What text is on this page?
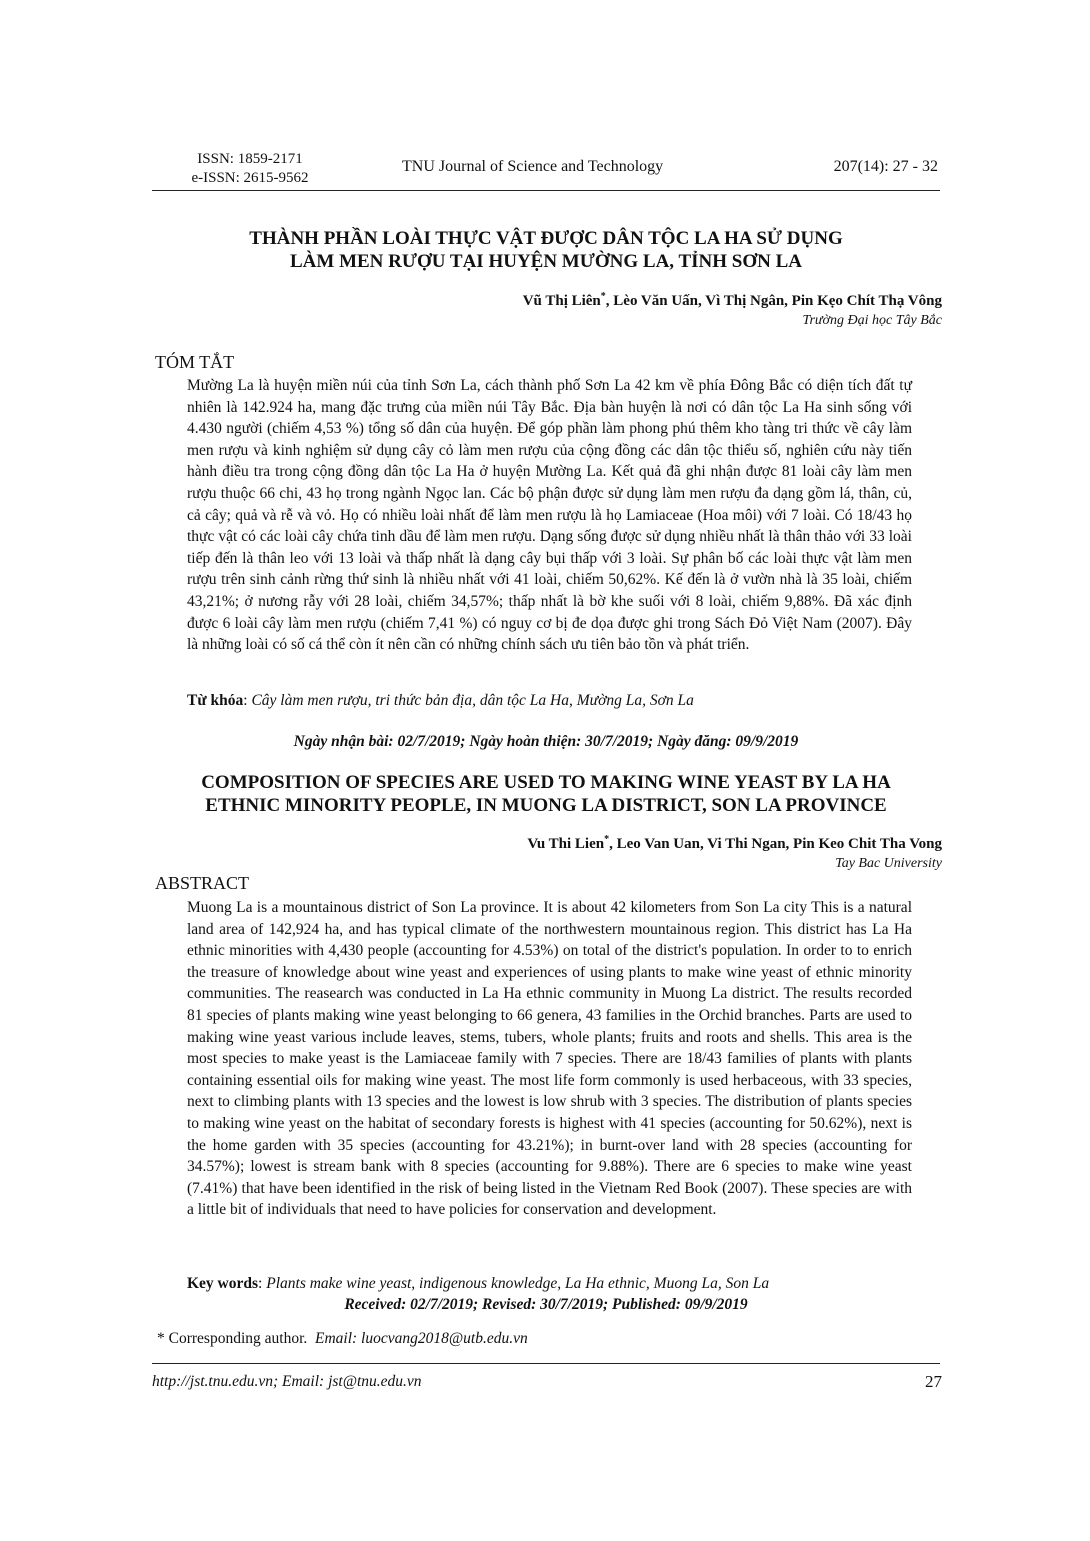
ISSN: 1859-2171
e-ISSN: 2615-9562
TNU Journal of Science and Technology	207(14): 27 - 32
THÀNH PHẦN LOÀI THỰC VẬT ĐƯỢC DÂN TỘC LA HA SỬ DỤNG
LÀM MEN RƯỢU TẠI HUYỆN MƯỜNG LA, TỈNH SƠN LA
Vũ Thị Liên*, Lèo Văn Uấn, Vì Thị Ngân, Pin Kẹo Chít Thạ Vông
Trường Đại học Tây Bắc
TÓM TẮT

Mường La là huyện miền núi của tỉnh Sơn La, cách thành phố Sơn La 42 km về phía Đông Bắc có diện tích đất tự nhiên là 142.924 ha, mang đặc trưng của miền núi Tây Bắc. Địa bàn huyện là nơi có dân tộc La Ha sinh sống với 4.430 người (chiếm 4,53 %) tổng số dân của huyện. Để góp phần làm phong phú thêm kho tàng tri thức về cây làm men rượu và kinh nghiệm sử dụng cây cỏ làm men rượu của cộng đồng các dân tộc thiểu số, nghiên cứu này tiến hành điều tra trong cộng đồng dân tộc La Ha ở huyện Mường La. Kết quả đã ghi nhận được 81 loài cây làm men rượu thuộc 66 chi, 43 họ trong ngành Ngọc lan. Các bộ phận được sử dụng làm men rượu đa dạng gồm lá, thân, củ, cả cây; quả và rễ và vỏ. Họ có nhiều loài nhất để làm men rượu là họ Lamiaceae (Hoa môi) với 7 loài. Có 18/43 họ thực vật có các loài cây chứa tinh dầu để làm men rượu. Dạng sống được sử dụng nhiều nhất là thân thảo với 33 loài tiếp đến là thân leo với 13 loài và thấp nhất là dạng cây bụi thấp với 3 loài. Sự phân bố các loài thực vật làm men rượu trên sinh cảnh rừng thứ sinh là nhiều nhất với 41 loài, chiếm 50,62%. Kế đến là ở vườn nhà là 35 loài, chiếm 43,21%; ở nương rẫy với 28 loài, chiếm 34,57%; thấp nhất là bờ khe suối với 8 loài, chiếm 9,88%. Đã xác định được 6 loài cây làm men rượu (chiếm 7,41 %) có nguy cơ bị đe dọa được ghi trong Sách Đỏ Việt Nam (2007). Đây là những loài có số cá thể còn ít nên cần có những chính sách ưu tiên bảo tồn và phát triển.

Từ khóa: Cây làm men rượu, tri thức bản địa, dân tộc La Ha, Mường La, Sơn La
Ngày nhận bài: 02/7/2019; Ngày hoàn thiện: 30/7/2019; Ngày đăng: 09/9/2019
COMPOSITION OF SPECIES ARE USED TO MAKING WINE YEAST BY LA HA
ETHNIC MINORITY PEOPLE, IN MUONG LA DISTRICT, SON LA PROVINCE
Vu Thi Lien*, Leo Van Uan, Vi Thi Ngan, Pin Keo Chit Tha Vong
Tay Bac University
ABSTRACT

Muong La is a mountainous district of Son La province. It is about 42 kilometers from Son La city This is a natural land area of 142,924 ha, and has typical climate of the northwestern mountainous region. This district has La Ha ethnic minorities with 4,430 people (accounting for 4.53%) on total of the district's population. In order to to enrich the treasure of knowledge about wine yeast and experiences of using plants to make wine yeast of ethnic minority communities. The reasearch was conducted in La Ha ethnic community in Muong La district. The results recorded 81 species of plants making wine yeast belonging to 66 genera, 43 families in the Orchid branches. Parts are used to making wine yeast various include leaves, stems, tubers, whole plants; fruits and roots and shells. This area is the most species to make yeast is the Lamiaceae family with 7 species. There are 18/43 families of plants with plants containing essential oils for making wine yeast. The most life form commonly is used herbaceous, with 33 species, next to climbing plants with 13 species and the lowest is low shrub with 3 species. The distribution of plants species to making wine yeast on the habitat of secondary forests is highest with 41 species (accounting for 50.62%), next is the home garden with 35 species (accounting for 43.21%); in burnt-over land with 28 species (accounting for 34.57%); lowest is stream bank with 8 species (accounting for 9.88%). There are 6 species to make wine yeast (7.41%) that have been identified in the risk of being listed in the Vietnam Red Book (2007). These species are with a little bit of individuals that need to have policies for conservation and development.

Key words: Plants make wine yeast, indigenous knowledge, La Ha ethnic, Muong La, Son La
Received: 02/7/2019; Revised: 30/7/2019; Published: 09/9/2019
* Corresponding author. Email: luocvang2018@utb.edu.vn
http://jst.tnu.edu.vn; Email: jst@tnu.edu.vn	27
